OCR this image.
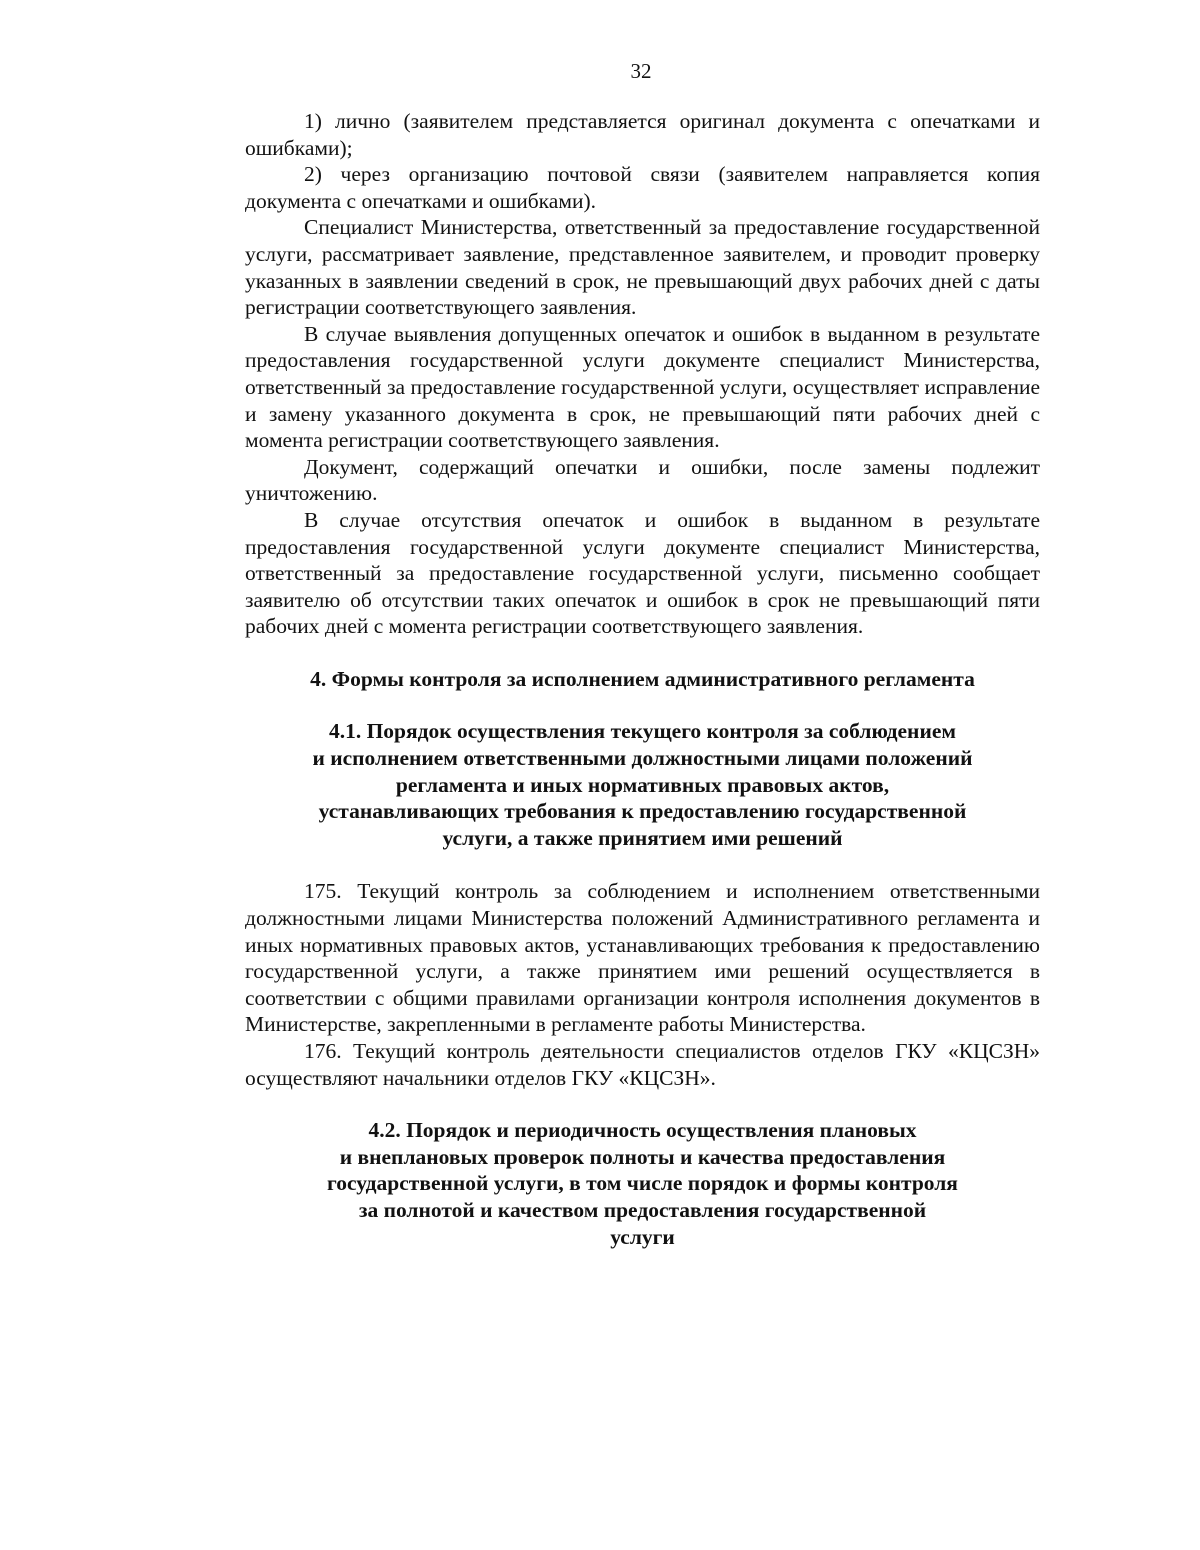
32

1) лично (заявителем представляется оригинал документа с опечатками и ошибками);

2) через организацию почтовой связи (заявителем направляется копия документа с опечатками и ошибками).

Специалист Министерства, ответственный за предоставление государственной услуги, рассматривает заявление, представленное заявителем, и проводит проверку указанных в заявлении сведений в срок, не превышающий двух рабочих дней с даты регистрации соответствующего заявления.

В случае выявления допущенных опечаток и ошибок в выданном в результате предоставления государственной услуги документе специалист Министерства, ответственный за предоставление государственной услуги, осуществляет исправление и замену указанного документа в срок, не превышающий пяти рабочих дней с момента регистрации соответствующего заявления.

Документ, содержащий опечатки и ошибки, после замены подлежит уничтожению.

В случае отсутствия опечаток и ошибок в выданном в результате предоставления государственной услуги документе специалист Министерства, ответственный за предоставление государственной услуги, письменно сообщает заявителю об отсутствии таких опечаток и ошибок в срок не превышающий пяти рабочих дней с момента регистрации соответствующего заявления.

4. Формы контроля за исполнением административного регламента

4.1. Порядок осуществления текущего контроля за соблюдением
и исполнением ответственными должностными лицами положений
регламента и иных нормативных правовых актов,
устанавливающих требования к предоставлению государственной
услуги, а также принятием ими решений

175. Текущий контроль за соблюдением и исполнением ответственными должностными лицами Министерства положений Административного регламента и иных нормативных правовых актов, устанавливающих требования к предоставлению государственной услуги, а также принятием ими решений осуществляется в соответствии с общими правилами организации контроля исполнения документов в Министерстве, закрепленными в регламенте работы Министерства.

176. Текущий контроль деятельности специалистов отделов ГКУ «КЦСЗН» осуществляют начальники отделов ГКУ «КЦСЗН».

4.2. Порядок и периодичность осуществления плановых
и внеплановых проверок полноты и качества предоставления
государственной услуги, в том числе порядок и формы контроля
за полнотой и качеством предоставления государственной
услуги
